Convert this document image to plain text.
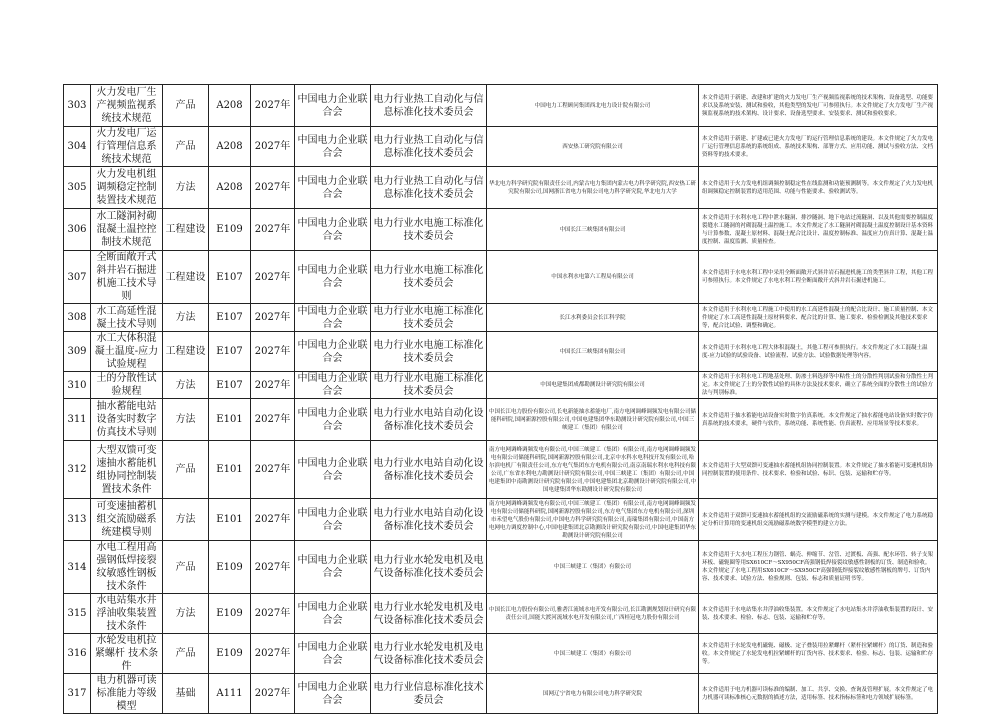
303	火力发电厂生产视频监视系统技术规范	产品	A208	2027年	中国电力企业联合会	电力行业热工自动化与信息标准化技术委员会	中国电力工程顾问集团西北电力设计院有限公司	本文件适用于新建、改建和扩建的火力发电厂生产视频监视系统的技术架构、设备选型、功能要求以及系统安装、测试和验收，其他类型的发电厂可参照执行。本文件规定了火力发电厂生产视频监视系统的技术架构、设计要求、设备选型要求、安装要求、测试和验收要求。
304	火力发电厂运行管理信息系统技术规范	产品	A208	2027年	中国电力企业联合会	电力行业热工自动化与信息标准化技术委员会	西安热工研究院有限公司	本文件适用于新建、扩建或已建火力发电厂的运行管理信息系统的建设。本文件规定了火力发电厂运行管理信息系统的系统组成、系统技术架构、部署方式、应用功能、测试与验收方法、文档资料等的技术要求。
305	火力发电机组调频稳定控制装置技术规范	方法	A208	2027年	中国电力企业联合会	电力行业热工自动化与信息标准化技术委员会	华北电力科学研究院有限责任公司,内蒙古电力集团内蒙古电力科学研究院,西安热工研究院有限公司,国网浙江省电力有限公司电力科学研究院,华北电力大学	本文件适用于火力发电机组调频控制稳定性在线监测和功能预测制等。本文件规定了火力发电机组调频稳定控制装置的适用范围、功能与性能要求、验收测试等。
306	水工隧洞衬砌混凝土温控控制技术规范	工程建设	E109	2027年	中国电力企业联合会	电力行业水电施工标准化技术委员会	中国长江三峡集团有限公司	本文件适用于水利水电工程中泄水隧洞、排沙隧洞、地下电站过流隧洞、以及其他需要控制温度裂缝水工隧洞的衬砌混凝土温控施工。本文件规定了水工隧洞衬砌混凝土温度控制设计基本资料与计算参数、混凝土原材料、混凝土配合比设计、温度控制标准、温度应力仿真计算、混凝土温度控制、温度监测、质量检查。
307	全断面敞开式斜井岩石掘进机施工技术导则	工程建设	E107	2027年	中国电力企业联合会	电力行业水电施工标准化技术委员会	中国水利水电第六工程局有限公司	本文件适用于水电水利工程中采用全断面敞开式斜井岩石掘进机施工的类型斜井工程，其他工程可参照执行。本文件规定了水电水利工程全断面敞开式斜井岩石掘进机施工。
308	水工高延性混凝土技术导则	方法	E107	2027年	中国电力企业联合会	电力行业水电施工标准化技术委员会	长江水利委员会长江科学院	本文件适用于水利水电工程施工中使用的水工高延性混凝土的配合比设计、施工质量控制、本文件规定了水工高延性混凝土原材料要求、配合比的计算、施工要求、检验检测及其他技术要求等，配合比试验、调整和确定。
309	水工大体积混凝土温度-应力试验规程	工程建设	E107	2027年	中国电力企业联合会	电力行业水电施工标准化技术委员会	中国长江三峡集团有限公司	本文件适用于水利水电工程大体积混凝土，其他工程可参照执行。本文件规定了水工混凝土温度-应力试验的试验设备、试验流程、试验方法、试验数据处理等内容。
310	土的分散性试验规程	方法	E107	2027年	中国电力企业联合会	电力行业水电施工标准化技术委员会	中国电建集团成都勘测设计研究院有限公司	本文件适用于水利水电工程地基处理、防渗土料选择等中粘性土的分散性判别试验和分散性土判定。本文件规定了土的分散性试验的具体方法及技术要求，确立了系统全面的分散性土的试验方法与判别标准。
311	抽水蓄能电站设备实时数字仿真技术导则	方法	E101	2027年	中国电力企业联合会	电力行业水电站自动化设备标准化技术委员会	中国长江电力股份有限公司,长电新能抽水蓄能电厂,南方电网调峰调频发电有限公司储能科研院,国网新源控股有限公司,中国电建集团华东勘测设计研究院有限公司,中国三峡建工（集团）有限公司	本文件适用于抽水蓄能电站设备实时数字仿真系统。本文件规定了抽水蓄能电站设备实时数字仿真系统的技术要求，硬件与软件，系统功能、系统性能、仿真流程、应用场景等技术要求。
312	大型双馈可变速抽水蓄能机组协同控制装置技术条件	产品	E101	2027年	中国电力企业联合会	电力行业水电站自动化设备标准化技术委员会	南方电网调峰调频发电有限公司,中国三峡建工（集团）有限公司,南方电网调峰调频发电有限公司储能科研院,国网新源控股有限公司,北京中水科水电科技开发有限公司,哈尔滨电机厂有限责任公司,东方电气集团东方电机有限公司,南京南瑞水利水电科技有限公司,广东省水利电力勘测设计研究院有限公司,中国三峡建工（集团）有限公司,中国电建集团中南勘测设计研究院有限公司,中国电建集团北京勘测设计研究院有限公司,中国电建集团华东勘测设计研究院有限公司	本文件适用于大型双馈可变速抽水蓄能机组协同控制装置。本文件规定了抽水蓄能可变速机组协同控制装置的使用条件、技术要求、检验和试验、标识、包装、运输和贮存等。
313	可变速抽蓄机组交流励磁系统建模导则	方法	E101	2027年	中国电力企业联合会	电力行业水电站自动化设备标准化技术委员会	南方电网调峰调频发电有限公司,中国三峡建工（集团）有限公司,南方电网调峰调频发电有限公司储能科研院,国网新源控股有限公司,东方电气集团东方电机有限公司,深圳市禾望电气股份有限公司,中国电力科学研究院有限公司,南瑞集团有限公司,中国南方电网电力调度控制中心,中国电建集团北京勘测设计研究院有限公司,中国电建集团华东勘测设计研究院有限公司	本文件适用于双馈可变速抽水蓄能机组的交流励磁系统的实测与建模。本文件规定了电力系统稳定分析计算用的变速机组交流励磁系统数学模型的建立方法。
314	水电工程用高强钢低焊接裂纹敏感性钢板技术条件	产品	E109	2027年	中国电力企业联合会	电力行业水轮发电机及电气设备标准化技术委员会	中国三峡建工（集团）有限公司	本文件适用于大水电工程压力钢管、蜗壳、伸缩节、岔管、过渡板、高强、配水环管、转子支架环板、磁轭圈等用SX610CF～SX950CF高强钢低焊接裂纹敏感性钢板的订货、制造和验收。本文件规定了水电工程用SX610CF～SX950CF高强钢低焊接裂纹敏感性钢板的牌号、订货内容、技术要求、试验方法、检验规则、包装、标志和质量证明书等。
315	水电站集水井浮油收集装置技术条件	方法	E109	2027年	中国电力企业联合会	电力行业水轮发电机及电气设备标准化技术委员会	中国长江电力股份有限公司,雅砻江流域水电开发有限公司,长江勘测规划设计研究有限责任公司,国能大渡河流域水电开发有限公司,广西桂冠电力股份有限公司	本文件适用于水电站集水井浮油收集装置。本文件规定了水电站集水井浮油收集装置的设计、安装、技术要求、检验、标志、包装、运输和贮存等。
316	水轮发电机拉紧螺杆 技术条件	产品	E109	2027年	中国电力企业联合会	电力行业水轮发电机及电气设备标准化技术委员会	中国三峡建工（集团）有限公司	本文件适用于水轮发电机磁轭、磁极、定子叠装用拉紧螺杆（紧杆拉紧螺杆）的订货、制造和验收。本文件规定了水轮发电机拉紧螺杆的订货内容、技术要求、检验、标志、包装、运输和贮存等。
317	电力机器可读标准能力等级模型	基础	A111	2027年	中国电力企业联合会	电力行业信息标准化技术委员会	国网辽宁省电力有限公司电力科学研究院	本文件适用于电力机器可读标准的编制、加工、共享、交换、查询及管理扩展。本文件规定了电力机器可读标准核心元数据的描述方法，适用标签、技术指标标签和电力领域扩展标签。
